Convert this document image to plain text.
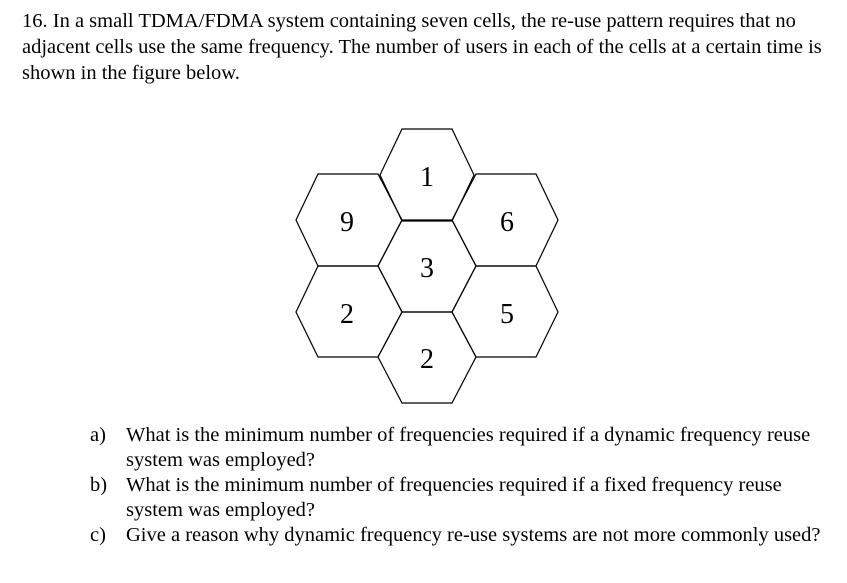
16. In a small TDMA/FDMA system containing seven cells, the re-use pattern requires that no adjacent cells use the same frequency. The number of users in each of the cells at a certain time is shown in the figure below.

1
9
3
6
2	5
2
a) What is the minimum number of frequencies required if a dynamic frequency reuse system was employed?
b) What is the minimum number of frequencies required if a fixed frequency reuse system was employed?
c) Give a reason why dynamic frequency re-use systems are not more commonly used?
